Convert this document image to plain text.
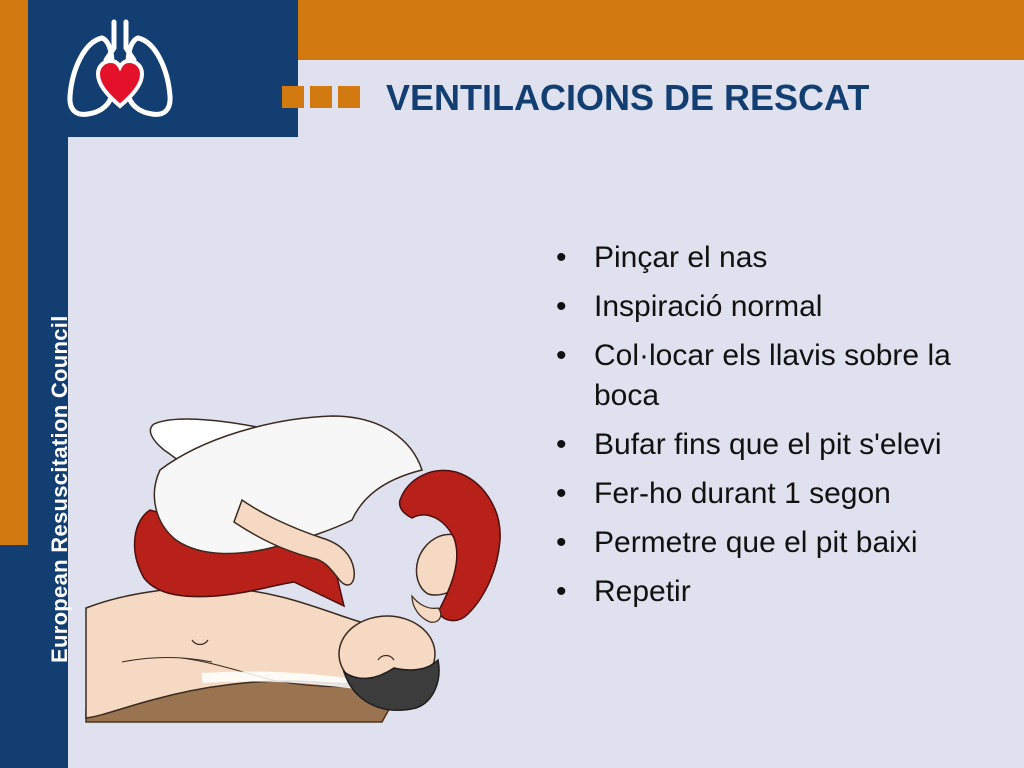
European Resuscitation Council
VENTILACIONS DE RESCAT
• Pinçar el nas
• Inspiració normal
• Col·locar els llavis sobre la boca
• Bufar fins que el pit s'elevi
• Fer-ho durant 1 segon
• Permetre que el pit baixi
• Repetir
